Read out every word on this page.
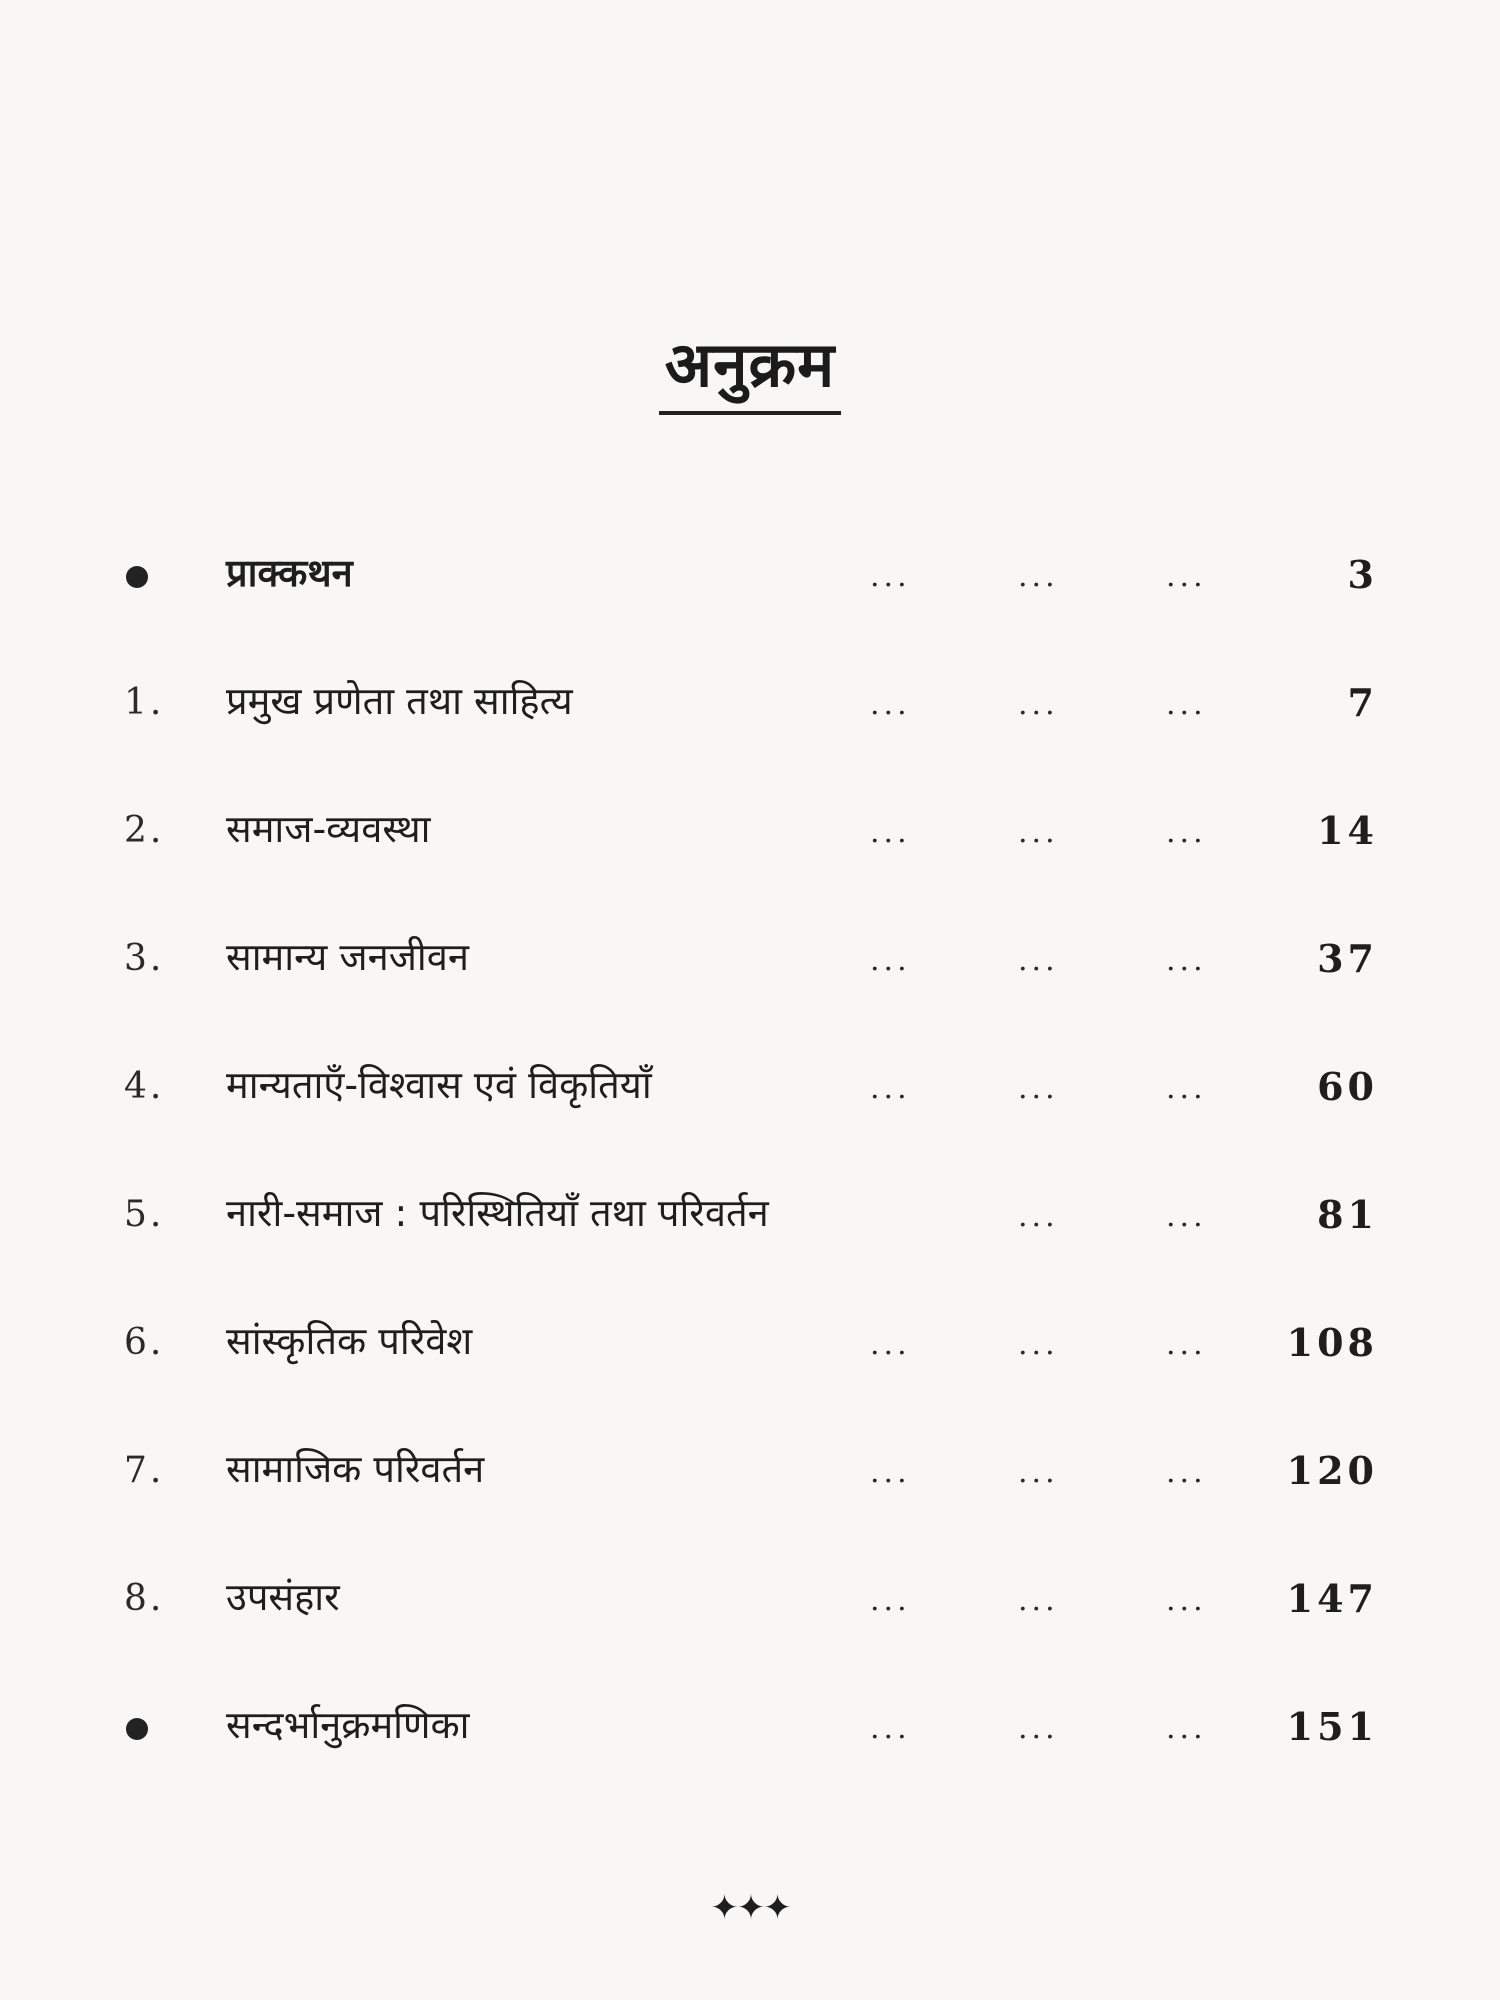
अनुक्रम
प्राक्कथन	...	...	...	3
1. प्रमुख प्रणेता तथा साहित्य	...	...	...	7
2. समाज-व्यवस्था	...	...	...	14
3. सामान्य जनजीवन	...	...	...	37
4. मान्यताएँ-विश्वास एवं विकृतियाँ	...	...	...	60
5. नारी-समाज : परिस्थितियाँ तथा परिवर्तन	...	...	81
6. सांस्कृतिक परिवेश	...	...	... 108
7. सामाजिक परिवर्तन	...	...	... 120
8. उपसंहार	...	...	... 147
सन्दर्भानुक्रमणिका	...	...	... 151
✦✦✦
